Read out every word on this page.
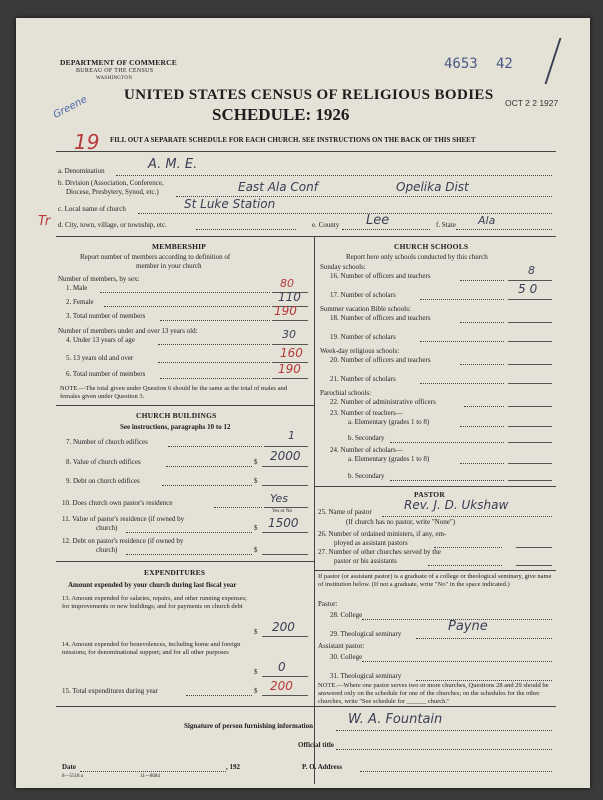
DEPARTMENT OF COMMERCE
BUREAU OF THE CENSUS
WASHINGTON
4653 42
UNITED STATES CENSUS OF RELIGIOUS BODIES OCT 2 2 1927
Greene	SCHEDULE: 1926
19 FILL OUT A SEPARATE SCHEDULE FOR EACH CHURCH. SEE INSTRUCTIONS ON THE BACK OF THIS SHEET
a. Denomination	A. M. E.
b. Division (Association, Conference,
Diocese, Presbytery, Synod, etc.)	East Ala Conf	Opelika Dist
c. Local name of church	St Luke Station
Tr d. City, town, village, or township, etc.	e. County Lee	f. State Ala
MEMBERSHIP
Report number of members according to definition of
member in your church
Number of members, by sex:
1. Male	80
2. Female	110
3. Total number of members	190
Number of members under and over 13 years old:
4. Under 13 years of age	30
5. 13 years old and over	160
6. Total number of members	190
NOTE.—The total given under Question 6 should be the same as the total of males and females given under Question 3.
CHURCH BUILDINGS
See instructions, paragraphs 10 to 12
7. Number of church edifices	1
8. Value of church edifices	$ 2000
9. Debt on church edifices	$
10. Does church own pastor's residence	Yes
Yes or No
11. Value of pastor's residence (if owned by
church)	$ 1500
12. Debt on pastor's residence (if owned by
church)	$
EXPENDITURES
Amount expended by your church during last fiscal year
13. Amount expended for salaries, repairs, and other running expenses; for improvements or new buildings; and for payments on church debt
$ 200
14. Amount expended for benevolences, including home and foreign missions; for denominational support; and for all other purposes
$ 0
15. Total expenditures during year	$ 200
CHURCH SCHOOLS
Report here only schools conducted by this church
Sunday schools:
16. Number of officers and teachers	8
17. Number of scholars	50
Summer vacation Bible schools:
18. Number of officers and teachers
19. Number of scholars
Week-day religious schools:
20. Number of officers and teachers
21. Number of scholars
Parochial schools:
22. Number of administrative officers
23. Number of teachers—
a. Elementary (grades 1 to 8)
b. Secondary
24. Number of scholars—
a. Elementary (grades 1 to 8)
b. Secondary
PASTOR
25. Name of pastor	Rev. J. D. Ukshaw
(If church has no pastor, write "None")
26. Number of ordained ministers, if any, em-
ployed as assistant pastors
27. Number of other churches served by the
pastor or his assistants
If pastor (or assistant pastor) is a graduate of a college or theological seminary, give name of institution below. (If not a graduate, write "No" in the space indicated.)
Pastor:
28. College
29. Theological seminary	Payne
Assistant pastor:
30. College
31. Theological seminary
NOTE.—Where one pastor serves two or more churches, Questions 28 and 29 should be answered only on the schedule for one of the churches; on the schedules for the other churches, write "See schedule for ______ church."
Signature of person furnishing information	W. A. Fountain
Official title
Date	, 192	P. O. Address
8—5518 a	11—8684
